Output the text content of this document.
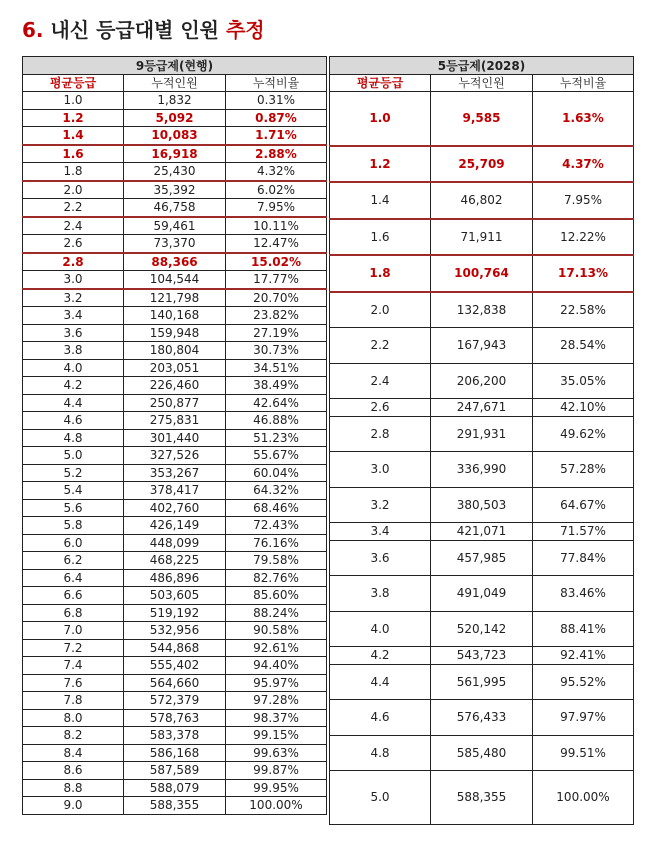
6. 내신 등급대별 인원 추정
9등급제(현행)		
평균등급	누적인원	누적비율
1.0	1,832	0.31%
1.2	5,092	0.87%
1.4	10,083	1.71%
1.6	16,918	2.88%
1.8	25,430	4.32%
2.0	35,392	6.02%
2.2	46,758	7.95%
2.4	59,461	10.11%
2.6	73,370	12.47%
2.8	88,366	15.02%
3.0	104,544	17.77%
3.2	121,798	20.70%
3.4	140,168	23.82%
3.6	159,948	27.19%
3.8	180,804	30.73%
4.0	203,051	34.51%
4.2	226,460	38.49%
4.4	250,877	42.64%
4.6	275,831	46.88%
4.8	301,440	51.23%
5.0	327,526	55.67%
5.2	353,267	60.04%
5.4	378,417	64.32%
5.6	402,760	68.46%
5.8	426,149	72.43%
6.0	448,099	76.16%
6.2	468,225	79.58%
6.4	486,896	82.76%
6.6	503,605	85.60%
6.8	519,192	88.24%
7.0	532,956	90.58%
7.2	544,868	92.61%
7.4	555,402	94.40%
7.6	564,660	95.97%
7.8	572,379	97.28%
8.0	578,763	98.37%
8.2	583,378	99.15%
8.4	586,168	99.63%
8.6	587,589	99.87%
8.8	588,079	99.95%
9.0	588,355	100.00%
5등급제(2028)		
평균등급	누적인원	누적비율
1.0	9,585	1.63%
1.2	25,709	4.37%
1.4	46,802	7.95%
1.6	71,911	12.22%
1.8	100,764	17.13%
2.0	132,838	22.58%
2.2	167,943	28.54%
2.4	206,200	35.05%
2.6	247,671	42.10%
2.8	291,931	49.62%
3.0	336,990	57.28%
3.2	380,503	64.67%
3.4	421,071	71.57%
3.6	457,985	77.84%
3.8	491,049	83.46%
4.0	520,142	88.41%
4.2	543,723	92.41%
4.4	561,995	95.52%
4.6	576,433	97.97%
4.8	585,480	99.51%
5.0	588,355	100.00%
